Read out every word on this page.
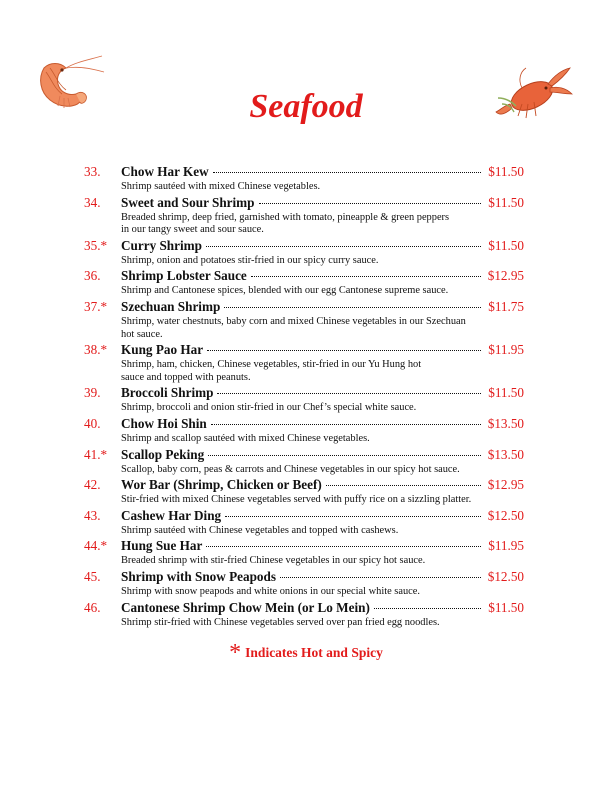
Seafood
33.	Chow Har Kew	$11.50
Shrimp sautéed with mixed Chinese vegetables.
34.	Sweet and Sour Shrimp	$11.50
Breaded shrimp, deep fried, garnished with tomato, pineapple & green peppers
in our tangy sweet and sour sauce.
35.*	Curry Shrimp	$11.50
Shrimp, onion and potatoes stir-fried in our spicy curry sauce.
36.	Shrimp Lobster Sauce	$12.95
Shrimp and Cantonese spices, blended with our egg Cantonese supreme sauce.
37.*	Szechuan Shrimp	$11.75
Shrimp, water chestnuts, baby corn and mixed Chinese vegetables in our Szechuan
hot sauce.
38.*	Kung Pao Har	$11.95
Shrimp, ham, chicken, Chinese vegetables, stir-fried in our Yu Hung hot
sauce and topped with peanuts.
39.	Broccoli Shrimp	$11.50
Shrimp, broccoli and onion stir-fried in our Chef’s special white sauce.
40.	Chow Hoi Shin	$13.50
Shrimp and scallop sautéed with mixed Chinese vegetables.
41.*	Scallop Peking	$13.50
Scallop, baby corn, peas & carrots and Chinese vegetables in our spicy hot sauce.
42.	Wor Bar (Shrimp, Chicken or Beef)	$12.95
Stir-fried with mixed Chinese vegetables served with puffy rice on a sizzling platter.
43.	Cashew Har Ding	$12.50
Shrimp sautéed with Chinese vegetables and topped with cashews.
44.*	Hung Sue Har	$11.95
Breaded shrimp with stir-fried Chinese vegetables in our spicy hot sauce.
45.	Shrimp with Snow Peapods	$12.50
Shrimp with snow peapods and white onions in our special white sauce.
46.	Cantonese Shrimp Chow Mein (or Lo Mein)	$11.50
Shrimp stir-fried with Chinese vegetables served over pan fried egg noodles.
* Indicates Hot and Spicy
